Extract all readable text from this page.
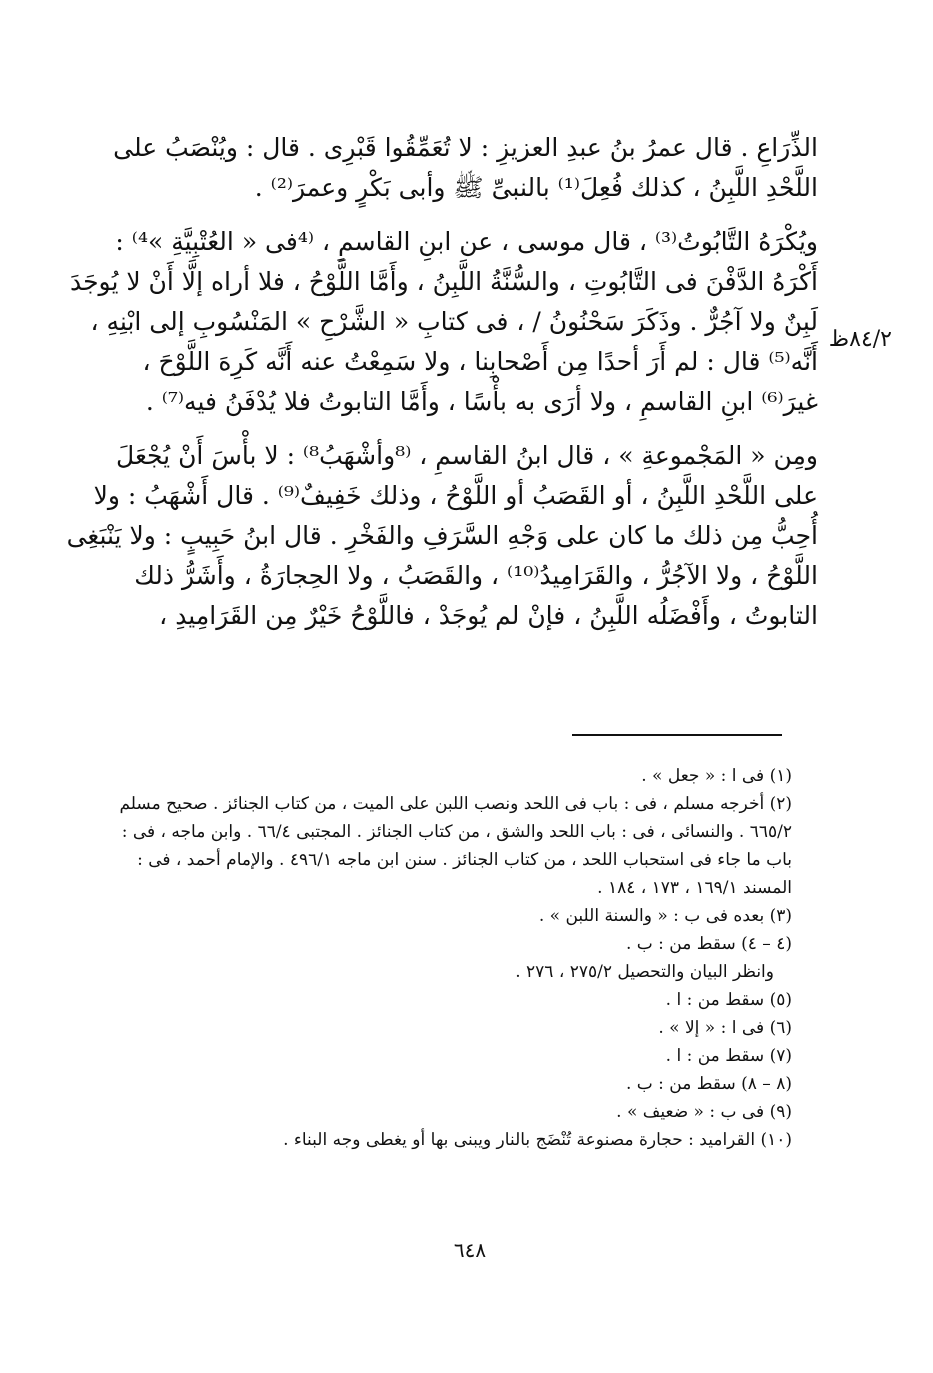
٨٤/٢ظ
الذِّرَاعِ . قال عمرُ بنُ عبدِ العزيزِ : لا تُعَمِّقُوا قَبْرِى . قال : ويُنْصَبُ على
اللَّحْدِ اللَّبِنُ ، كذلك فُعِلَ⁽¹⁾ بالنبىِّ ﷺ وأبى بَكْرٍ وعمرَ⁽²⁾ .
ويُكْرَهُ التَّابُوتُ⁽³⁾ ، قال موسى ، عن ابنِ القاسمِ ، ⁽⁴فى « العُتْبِيَّةِ »⁴⁾ :
أَكْرَهُ الدَّفْنَ فى التَّابُوتِ ، والسُّنَّةُ اللَّبِنُ ، وأَمَّا اللَّوْحُ ، فلا أراه إلَّا أَنْ لا يُوجَدَ
لَبِنٌ ولا آجُرٌّ . وذَكَرَ سَحْنُونُ / ، فى كتابِ « الشَّرْحِ » المَنْسُوبِ إلى ابْنِهِ ،
أَنَّه⁽⁵⁾ قال : لم أَرَ أحدًا مِن أَصْحابِنا ، ولا سَمِعْتُ عنه أَنَّه كَرِهَ اللَّوْحَ ،
غيرَ⁽⁶⁾ ابنِ القاسمِ ، ولا أرَى به بأْسًا ، وأَمَّا التابوتُ فلا يُدْفَنُ فيه⁽⁷⁾ .
ومِن « المَجْموعةِ » ، قال ابنُ القاسمِ ، ⁽⁸وأشْهَبُ⁸⁾ : لا بأْسَ أَنْ يُجْعَلَ
على اللَّحْدِ اللَّبِنُ ، أو القَصَبُ أو اللَّوْحُ ، وذلك خَفِيفٌ⁽⁹⁾ . قال أَشْهَبُ : ولا
أُحِبُّ مِن ذلك ما كان على وَجْهِ السَّرَفِ والفَخْرِ . قال ابنُ حَبِيبٍ : ولا يَنْبَغِى
اللَّوْحُ ، ولا الآجُرُّ ، والقَرَامِيدُ⁽¹⁰⁾ ، والقَصَبُ ، ولا الحِجارَةُ ، وأَشَرُّ ذلك
التابوتُ ، وأَفْضَلُه اللَّبِنُ ، فإنْ لم يُوجَدْ ، فاللَّوْحُ خَيْرٌ مِن القَرَامِيدِ ،
(١) فى ا : « جعل » .
(٢) أخرجه مسلم ، فى : باب فى اللحد ونصب اللبن على الميت ، من كتاب الجنائز . صحيح مسلم
٦٦٥/٢ . والنسائى ، فى : باب اللحد والشق ، من كتاب الجنائز . المجتبى ٦٦/٤ . وابن ماجه ، فى :
باب ما جاء فى استحباب اللحد ، من كتاب الجنائز . سنن ابن ماجه ٤٩٦/١ . والإمام أحمد ، فى :
المسند ١٦٩/١ ، ١٧٣ ، ١٨٤ .
(٣) بعده فى ب : « والسنة اللبن » .
(٤ – ٤) سقط من : ب .
وانظر البيان والتحصيل ٢٧٥/٢ ، ٢٧٦ .
(٥) سقط من : ا .
(٦) فى ا : « إلا » .
(٧) سقط من : ا .
(٨ – ٨) سقط من : ب .
(٩) فى ب : « ضعيف » .
(١٠) القراميد : حجارة مصنوعة تُنْضَج بالنار ويبنى بها أو يغطى وجه البناء .
٦٤٨
